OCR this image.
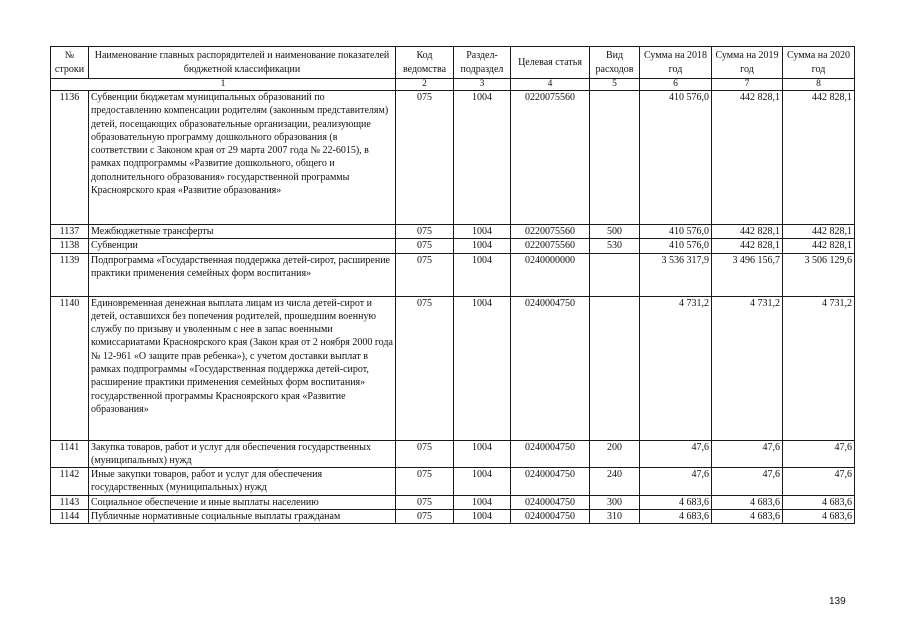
№ строки	Наименование главных распорядителей и наименование показателей бюджетной классификации	Код ведомства	Раздел-подраздел	Целевая статья	Вид расходов	Сумма на 2018 год	Сумма на 2019 год	Сумма на 2020 год
1		2	3	4	5	6	7	8
1136	Субвенции бюджетам муниципальных образований по предоставлению компенсации родителям (законным представителям) детей, посещающих образовательные организации, реализующие образовательную программу дошкольного образования (в соответствии с Законом края от 29 марта 2007 года № 22-6015), в рамках подпрограммы «Развитие дошкольного, общего и дополнительного образования» государственной программы Красноярского края «Развитие образования»	075	1004	0220075560		410 576,0	442 828,1	442 828,1
1137	Межбюджетные трансферты	075	1004	0220075560	500	410 576,0	442 828,1	442 828,1
1138	Субвенции	075	1004	0220075560	530	410 576,0	442 828,1	442 828,1
1139	Подпрограмма «Государственная поддержка детей-сирот, расширение практики применения семейных форм воспитания»	075	1004	0240000000		3 536 317,9	3 496 156,7	3 506 129,6
1140	Единовременная денежная выплата лицам из числа детей-сирот и детей, оставшихся без попечения родителей, прошедшим военную службу по призыву и уволенным с нее в запас военными комиссариатами Красноярского края (Закон края от 2 ноября 2000 года № 12-961 «О защите прав ребенка»), с учетом доставки выплат в рамках подпрограммы «Государственная поддержка детей-сирот, расширение практики применения семейных форм воспитания» государственной программы Красноярского края «Развитие образования»	075	1004	0240004750		4 731,2	4 731,2	4 731,2
1141	Закупка товаров, работ и услуг для обеспечения государственных (муниципальных) нужд	075	1004	0240004750	200	47,6	47,6	47,6
1142	Иные закупки товаров, работ и услуг для обеспечения государственных (муниципальных) нужд	075	1004	0240004750	240	47,6	47,6	47,6
1143	Социальное обеспечение и иные выплаты населению	075	1004	0240004750	300	4 683,6	4 683,6	4 683,6
1144	Публичные нормативные социальные выплаты гражданам	075	1004	0240004750	310	4 683,6	4 683,6	4 683,6
139
